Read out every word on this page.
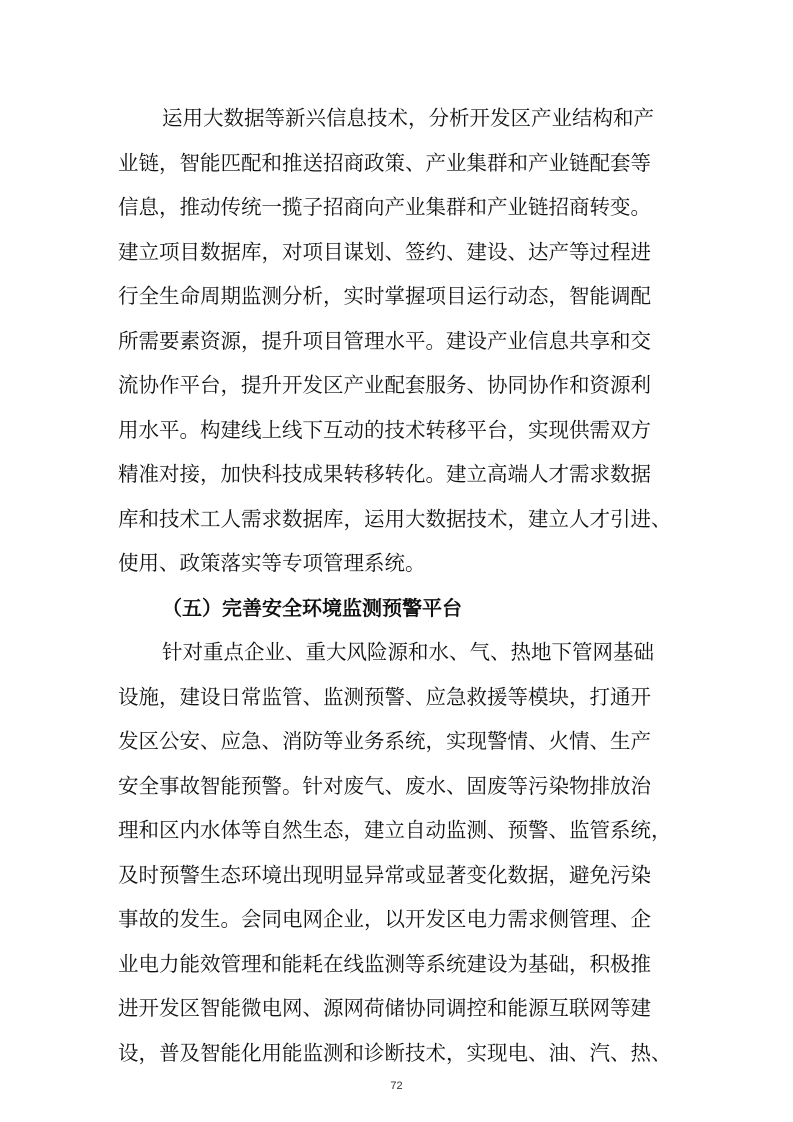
运用大数据等新兴信息技术，分析开发区产业结构和产
业链，智能匹配和推送招商政策、产业集群和产业链配套等
信息，推动传统一揽子招商向产业集群和产业链招商转变。
建立项目数据库，对项目谋划、签约、建设、达产等过程进
行全生命周期监测分析，实时掌握项目运行动态，智能调配
所需要素资源，提升项目管理水平。建设产业信息共享和交
流协作平台，提升开发区产业配套服务、协同协作和资源利
用水平。构建线上线下互动的技术转移平台，实现供需双方
精准对接，加快科技成果转移转化。建立高端人才需求数据
库和技术工人需求数据库，运用大数据技术，建立人才引进、
使用、政策落实等专项管理系统。
（五）完善安全环境监测预警平台
针对重点企业、重大风险源和水、气、热地下管网基础
设施，建设日常监管、监测预警、应急救援等模块，打通开
发区公安、应急、消防等业务系统，实现警情、火情、生产
安全事故智能预警。针对废气、废水、固废等污染物排放治
理和区内水体等自然生态，建立自动监测、预警、监管系统，
及时预警生态环境出现明显异常或显著变化数据，避免污染
事故的发生。会同电网企业，以开发区电力需求侧管理、企
业电力能效管理和能耗在线监测等系统建设为基础，积极推
进开发区智能微电网、源网荷储协同调控和能源互联网等建
设，普及智能化用能监测和诊断技术，实现电、油、汽、热、
72
